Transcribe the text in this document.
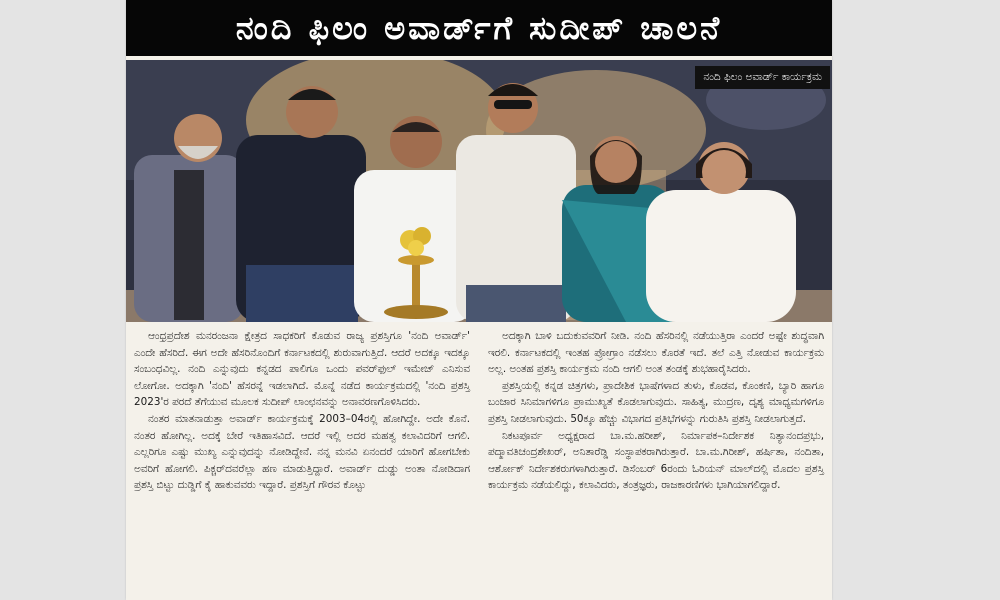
ನಂದಿ ಫಿಲಂ ಅವಾರ್ಡ್‌ಗೆ ಸುದೀಪ್ ಚಾಲನೆ
ನಂದಿ ಫಿಲಂ ಅವಾರ್ಡ್ ಕಾರ್ಯಕ್ರಮ

ಆಂಧ್ರಪ್ರದೇಶ ಮನರಂಜನಾ ಕ್ಷೇತ್ರದ ಸಾಧಕರಿಗೆ ಕೊಡುವ ರಾಜ್ಯ ಪ್ರಶಸ್ತಿಗೂ 'ನಂದಿ ಅವಾರ್ಡ್' ಎಂದೇ ಹೆಸರಿದೆ. ಈಗ ಅದೇ ಹೆಸರಿನೊಂದಿಗೆ ಕರ್ನಾಟಕದಲ್ಲಿ ಶುರುವಾಗುತ್ತಿದೆ. ಆದರೆ ಅದಕ್ಕೂ ಇದಕ್ಕೂ ಸಂಬಂಧವಿಲ್ಲ. ನಂದಿ ಎನ್ನುವುದು ಕನ್ನಡದ ಪಾಲಿಗೂ ಒಂದು ಪವರ್‌ಫುಲ್ ಇಮೇಜ್ ಎನಿಸುವ ಲೋಗೋ. ಅದಕ್ಕಾಗಿ 'ನಂದಿ' ಹೆಸರನ್ನೆ ಇಡಲಾಗಿದೆ. ಮೊನ್ನೆ ನಡೆದ ಕಾರ್ಯಕ್ರಮದಲ್ಲಿ 'ನಂದಿ ಪ್ರಶಸ್ತಿ 2023'ರ ಪರದೆ ತೆಗೆಯುವ ಮೂಲಕ ಸುದೀಪ್ ಲಾಂಛನವನ್ನು ಅನಾವರಣಗೊಳಿಸಿದರು.

ನಂತರ ಮಾತನಾಡುತ್ತಾ ಅವಾರ್ಡ್ ಕಾರ್ಯಕ್ರಮಕ್ಕೆ 2003–04ರಲ್ಲಿ ಹೋಗಿದ್ದೇ. ಅದೇ ಕೊನೆ. ನಂತರ ಹೋಗಿಲ್ಲ. ಅದಕ್ಕೆ ಬೇರೆ ಇತಿಹಾಸವಿದೆ. ಆದರೆ ಇಲ್ಲಿ ಅದರ ಮಹತ್ವ ಕಲಾವಿದರಿಗೆ ಆಗಲಿ. ಎಲ್ಲರಿಗೂ ಎಷ್ಟು ಮುಖ್ಯ ಎನ್ನುವುದನ್ನು ನೋಡಿದ್ದೇನೆ. ನನ್ನ ಮನವಿ ಏನಂದರೆ ಯಾರಿಗೆ ಹೋಗಬೇಕು ಅವರಿಗೆ ಹೋಗಲಿ. ಪಿಕ್ಚರ್‌ದವರೆಲ್ಲಾ ಹಣ ಮಾಡುತ್ತಿದ್ದಾರೆ. ಅವಾರ್ಡ್ ದುಡ್ಡು ಅಂತಾ ನೋಡಿದಾಗ ಪ್ರಶಸ್ತಿ ಬಿಟ್ಟು ದುಡ್ಡಿಗೆ ಕೈ ಹಾಕುವವರು ಇದ್ದಾರೆ. ಪ್ರಶಸ್ತಿಗೆ ಗೌರವ ಕೊಟ್ಟು

ಅದಕ್ಕಾಗಿ ಬಾಳಿ ಬದುಕುವವರಿಗೆ ನೀಡಿ. ನಂದಿ ಹೆಸರಿನಲ್ಲಿ ನಡೆಯುತ್ತಿರಾ ಎಂದರೆ ಅಷ್ಟೇ ಶುದ್ಧವಾಗಿ ಇರಲಿ. ಕರ್ನಾಟಕದಲ್ಲಿ ಇಂತಹ ಪ್ರೋಗ್ರಾಂ ನಡೆಸಲು ಕೊರತೆ ಇದೆ. ತಲೆ ಎತ್ತಿ ನೋಡುವ ಕಾರ್ಯಕ್ರಮ ಅಲ್ಲ. ಅಂತಹ ಪ್ರಶಸ್ತಿ ಕಾರ್ಯಕ್ರಮ ನಂದಿ ಆಗಲಿ ಅಂತ ತಂಡಕ್ಕೆ ಶುಭಹಾರೈಸಿದರು.

ಪ್ರಶಸ್ತಿಯಲ್ಲಿ ಕನ್ನಡ ಚಿತ್ರಗಳು, ಪ್ರಾದೇಶಿಕ ಭಾಷೆಗಳಾದ ತುಳು, ಕೊಡವ, ಕೊಂಕಣಿ, ಬ್ಯಾರಿ ಹಾಗೂ ಬಂಜಾರ ಸಿನಿಮಾಗಳಿಗೂ ಪ್ರಾಮುಖ್ಯತೆ ಕೊಡಲಾಗುವುದು. ಸಾಹಿತ್ಯ, ಮುದ್ರಣ, ದೃಶ್ಯ ಮಾಧ್ಯಮಗಳಿಗೂ ಪ್ರಶಸ್ತಿ ನೀಡಲಾಗುವುದು. 50ಕ್ಕೂ ಹೆಚ್ಚು ವಿಭಾಗದ ಪ್ರತಿಭೆಗಳನ್ನು ಗುರುತಿಸಿ ಪ್ರಶಸ್ತಿ ನೀಡಲಾಗುತ್ತದೆ.

ನಿಕಟಪೂರ್ವ ಅಧ್ಯಕ್ಷರಾದ ಬಾ.ಮ.ಹರೀಶ್, ನಿರ್ಮಾಪಕ–ನಿರ್ದೇಶಕ ನಿತ್ಯಾನಂದಪ್ರಭು, ಪದ್ಮಾವತಿಚಂದ್ರಶೇಖರ್, ಅನಿತಾರೆಡ್ಡಿ ಸಂಸ್ಥಾಪಕರಾಗಿರುತ್ತಾರೆ. ಬಾ.ಮ.ಗಿರೀಶ್, ಹರ್ಷಿತಾ, ನಂದಿತಾ, ಆರ್ಶೋಕ್ ನಿರ್ದೇಶಕರುಗಳಾಗಿರುತ್ತಾರೆ. ಡಿಸೆಂಬರ್ 6ರಂದು ಓರಿಯನ್ ಮಾಲ್‌ದಲ್ಲಿ ಮೊದಲ ಪ್ರಶಸ್ತಿ ಕಾರ್ಯಕ್ರಮ ನಡೆಯಲಿದ್ದು, ಕಲಾವಿದರು, ತಂತ್ರಜ್ಞರು, ರಾಜಕಾರಣಿಗಳು ಭಾಗಿಯಾಗಲಿದ್ದಾರೆ.
